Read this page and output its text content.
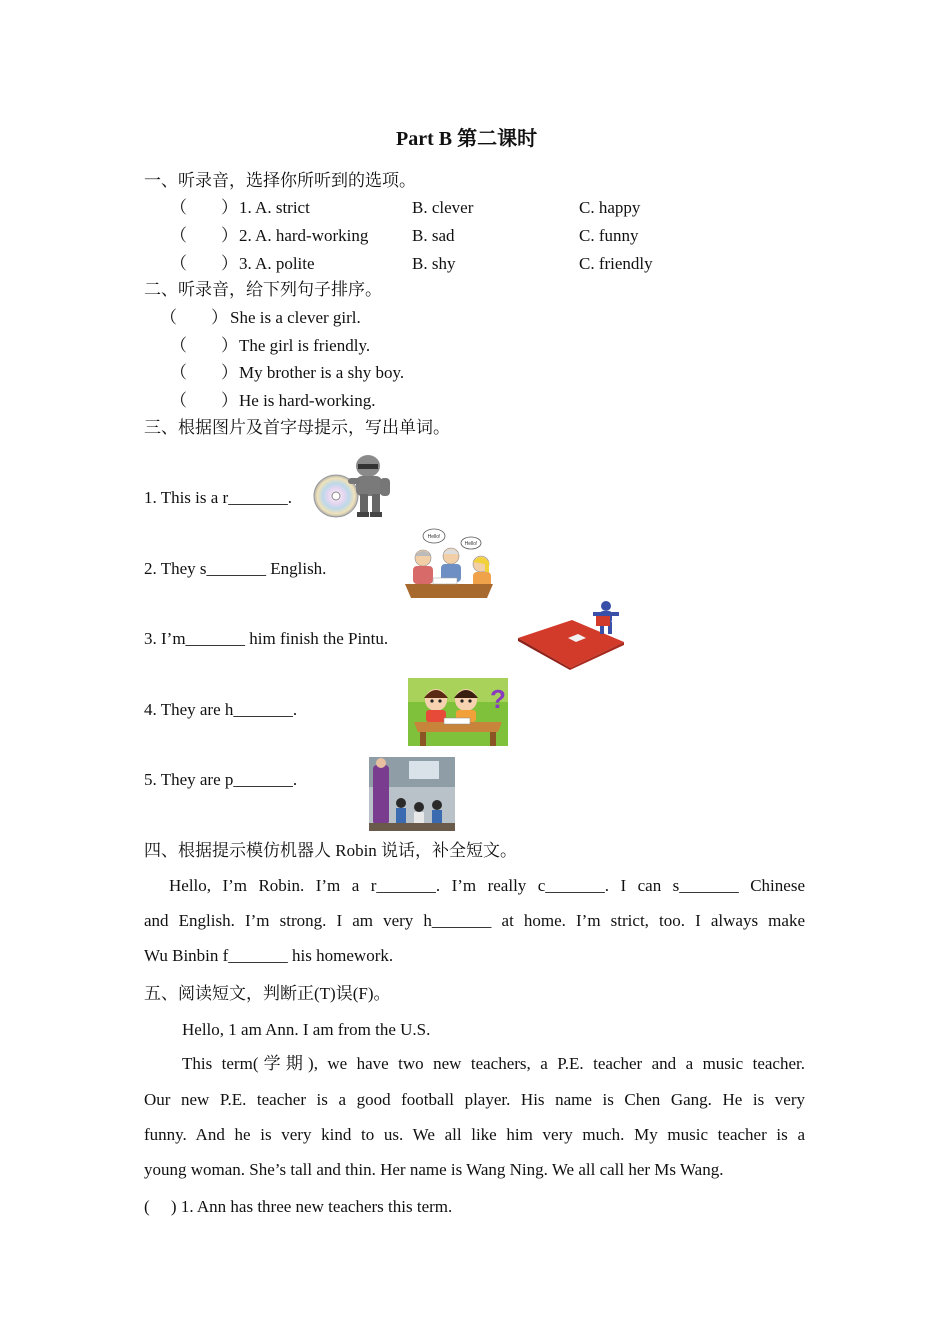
Part B 第二课时
一、听录音，选择你所听到的选项。
（　　） 1. A. strict	B. clever	C. happy
（　　） 2. A. hard-working	B. sad	C. funny
（　　） 3. A. polite	B. shy	C. friendly
二、听录音，给下列句子排序。
（　　） She is a clever girl.
（　　） The girl is friendly.
（　　） My brother is a shy boy.
（　　） He is hard-working.
三、根据图片及首字母提示，写出单词。
1. This is a r_______.
2. They s_______ English.
3. I’m_______ him finish the Pintu.
4. They are h_______.
5. They are p_______.
Hello!
Hello!
?
四、根据提示模仿机器人 Robin 说话，补全短文。
Hello, I’m Robin. I’m a r_______. I’m really c_______. I can s_______ Chinese
and English. I’m strong. I am very h_______ at home. I’m strict, too. I always make
Wu Binbin f_______ his homework.
五、阅读短文，判断正(T)误(F)。
Hello, 1 am Ann. I am from the U.S.
This term(学期), we have two new teachers, a P.E. teacher and a music teacher.
Our new P.E. teacher is a good football player. His name is Chen Gang. He is very
funny. And he is very kind to us. We all like him very much. My music teacher is a
young woman. She’s tall and thin. Her name is Wang Ning. We all call her Ms Wang.
(　 ) 1. Ann has three new teachers this term.
